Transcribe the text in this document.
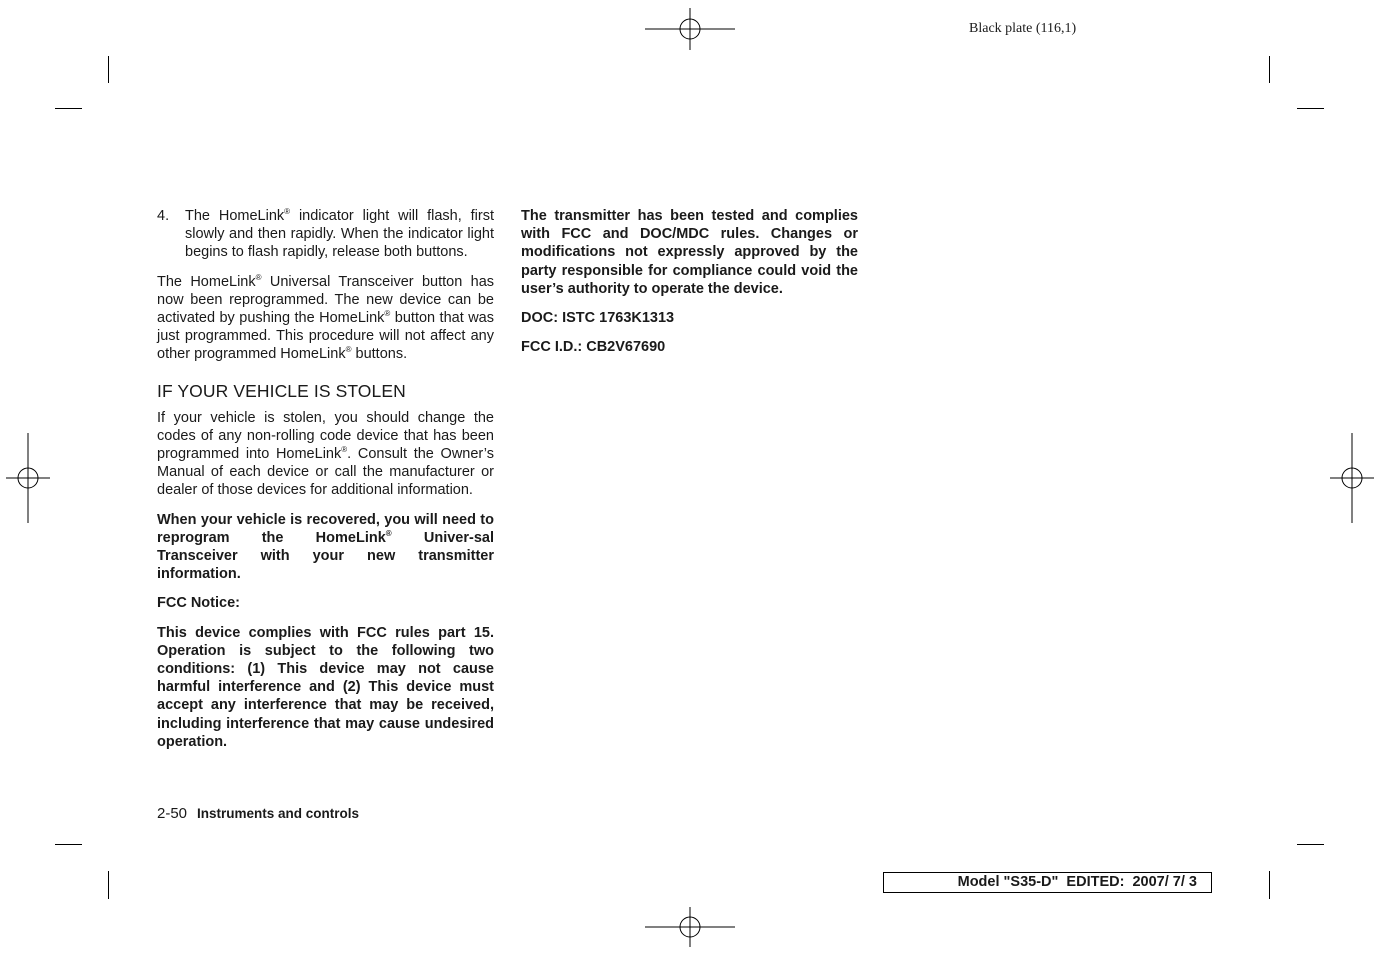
Black plate (116,1)
4.	The HomeLink® indicator light will flash, first slowly and then rapidly. When the indicator light begins to flash rapidly, release both buttons.

The HomeLink® Universal Transceiver button has now been reprogrammed. The new device can be activated by pushing the HomeLink® button that was just programmed. This procedure will not affect any other programmed HomeLink® buttons.

IF YOUR VEHICLE IS STOLEN

If your vehicle is stolen, you should change the codes of any non-rolling code device that has been programmed into HomeLink®. Consult the Owner’s Manual of each device or call the manufacturer or dealer of those devices for additional information.

When your vehicle is recovered, you will need to reprogram the HomeLink® Univer-sal Transceiver with your new transmitter information.

FCC Notice:

This device complies with FCC rules part 15. Operation is subject to the following two conditions: (1) This device may not cause harmful interference and (2) This device must accept any interference that may be received, including interference that may cause undesired operation.

The transmitter has been tested and complies with FCC and DOC/MDC rules. Changes or modifications not expressly approved by the party responsible for compliance could void the user’s authority to operate the device.

DOC: ISTC 1763K1313

FCC I.D.: CB2V67690

2-50 Instruments and controls
Model "S35-D"  EDITED:  2007/ 7/ 3
